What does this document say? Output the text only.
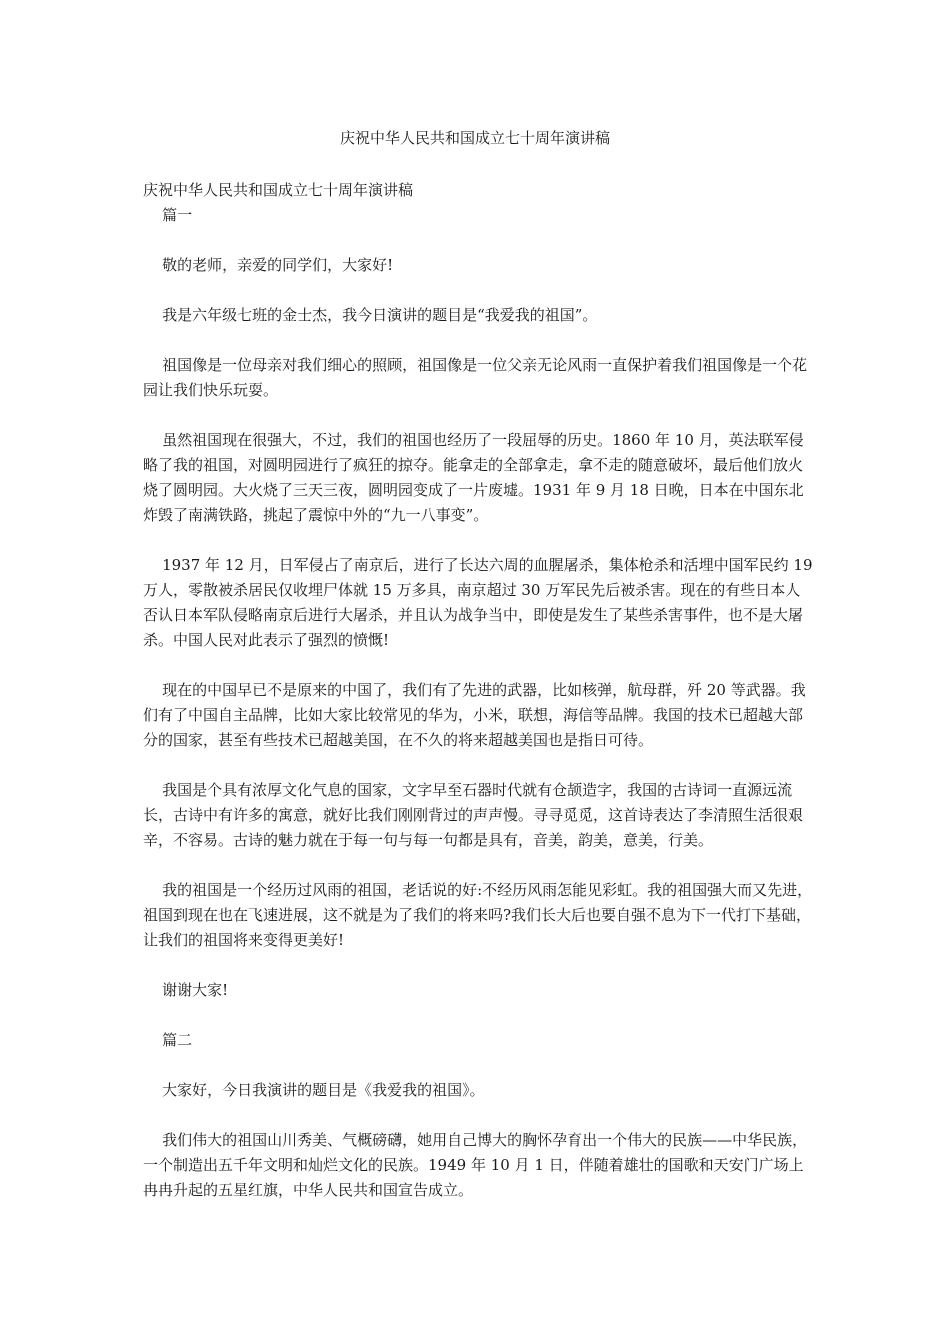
庆祝中华人民共和国成立七十周年演讲稿

庆祝中华人民共和国成立七十周年演讲稿

篇一

敬的老师，亲爱的同学们，大家好!

我是六年级七班的金士杰，我今日演讲的题目是“我爱我的祖国”。

祖国像是一位母亲对我们细心的照顾，祖国像是一位父亲无论风雨一直保护着我们祖国像是一个花园让我们快乐玩耍。

虽然祖国现在很强大，不过，我们的祖国也经历了一段屈辱的历史。1860 年 10 月，英法联军侵略了我的祖国，对圆明园进行了疯狂的掠夺。能拿走的全部拿走，拿不走的随意破坏，最后他们放火烧了圆明园。大火烧了三天三夜，圆明园变成了一片废墟。1931 年 9 月 18 日晚，日本在中国东北炸毁了南满铁路，挑起了震惊中外的“九一八事变”。

1937 年 12 月，日军侵占了南京后，进行了长达六周的血腥屠杀，集体枪杀和活埋中国军民约 19 万人，零散被杀居民仅收埋尸体就 15 万多具，南京超过 30 万军民先后被杀害。现在的有些日本人否认日本军队侵略南京后进行大屠杀，并且认为战争当中，即使是发生了某些杀害事件，也不是大屠杀。中国人民对此表示了强烈的愤慨!

现在的中国早已不是原来的中国了，我们有了先进的武器，比如核弹，航母群，歼 20 等武器。我们有了中国自主品牌，比如大家比较常见的华为，小米，联想，海信等品牌。我国的技术已超越大部分的国家，甚至有些技术已超越美国，在不久的将来超越美国也是指日可待。

我国是个具有浓厚文化气息的国家，文字早至石器时代就有仓颉造字，我国的古诗词一直源远流长，古诗中有许多的寓意，就好比我们刚刚背过的声声慢。寻寻觅觅，这首诗表达了李清照生活很艰辛，不容易。古诗的魅力就在于每一句与每一句都是具有，音美，韵美，意美，行美。

我的祖国是一个经历过风雨的祖国，老话说的好:不经历风雨怎能见彩虹。我的祖国强大而又先进，祖国到现在也在飞速进展，这不就是为了我们的将来吗?我们长大后也要自强不息为下一代打下基础，让我们的祖国将来变得更美好!

谢谢大家!

篇二

大家好，今日我演讲的题目是《我爱我的祖国》。

我们伟大的祖国山川秀美、气概磅礴，她用自己博大的胸怀孕育出一个伟大的民族——中华民族，一个制造出五千年文明和灿烂文化的民族。1949 年 10 月 1 日，伴随着雄壮的国歌和天安门广场上冉冉升起的五星红旗，中华人民共和国宣告成立。
